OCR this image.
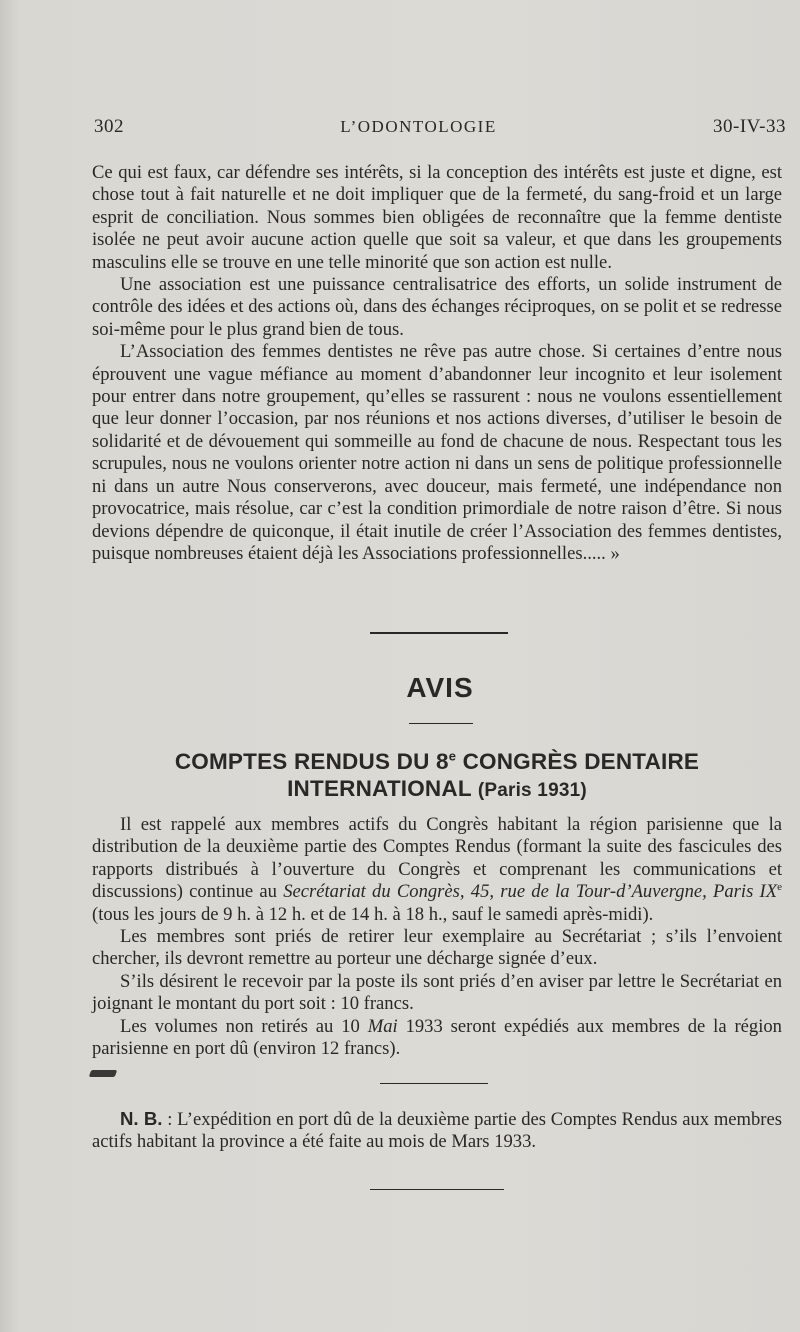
302	L’ODONTOLOGIE	30-IV-33

Ce qui est faux, car défendre ses intérêts, si la conception des intérêts est juste et digne, est chose tout à fait naturelle et ne doit impliquer que de la fermeté, du sang-froid et un large esprit de conciliation. Nous sommes bien obligées de reconnaître que la femme dentiste isolée ne peut avoir aucune action quelle que soit sa valeur, et que dans les groupements masculins elle se trouve en une telle minorité que son action est nulle.

Une association est une puissance centralisatrice des efforts, un solide instrument de contrôle des idées et des actions où, dans des échanges réciproques, on se polit et se redresse soi-même pour le plus grand bien de tous.

L’Association des femmes dentistes ne rêve pas autre chose. Si certaines d’entre nous éprouvent une vague méfiance au moment d’abandonner leur incognito et leur isolement pour entrer dans notre groupement, qu’elles se rassurent : nous ne voulons essentiellement que leur donner l’occasion, par nos réunions et nos actions diverses, d’utiliser le besoin de solidarité et de dévouement qui sommeille au fond de chacune de nous. Respectant tous les scrupules, nous ne voulons orienter notre action ni dans un sens de politique professionnelle ni dans un autre Nous conserverons, avec douceur, mais fermeté, une indépendance non provocatrice, mais résolue, car c’est la condition primordiale de notre raison d’être. Si nous devions dépendre de quiconque, il était inutile de créer l’Association des femmes dentistes, puisque nombreuses étaient déjà les Associations professionnelles..... »

AVIS
COMPTES RENDUS DU 8e CONGRÈS DENTAIRE
INTERNATIONAL (Paris 1931)

Il est rappelé aux membres actifs du Congrès habitant la région parisienne que la distribution de la deuxième partie des Comptes Rendus (formant la suite des fascicules des rapports distribués à l’ouverture du Congrès et comprenant les communications et discussions) continue au Secrétariat du Congrès, 45, rue de la Tour-d’Auvergne, Paris IXe (tous les jours de 9 h. à 12 h. et de 14 h. à 18 h., sauf le samedi après-midi).

Les membres sont priés de retirer leur exemplaire au Secrétariat ; s’ils l’envoient chercher, ils devront remettre au porteur une décharge signée d’eux.

S’ils désirent le recevoir par la poste ils sont priés d’en aviser par lettre le Secrétariat en joignant le montant du port soit : 10 francs.

Les volumes non retirés au 10 Mai 1933 seront expédiés aux membres de la région parisienne en port dû (environ 12 francs).

N. B. : L’expédition en port dû de la deuxième partie des Comptes Rendus aux membres actifs habitant la province a été faite au mois de Mars 1933.
